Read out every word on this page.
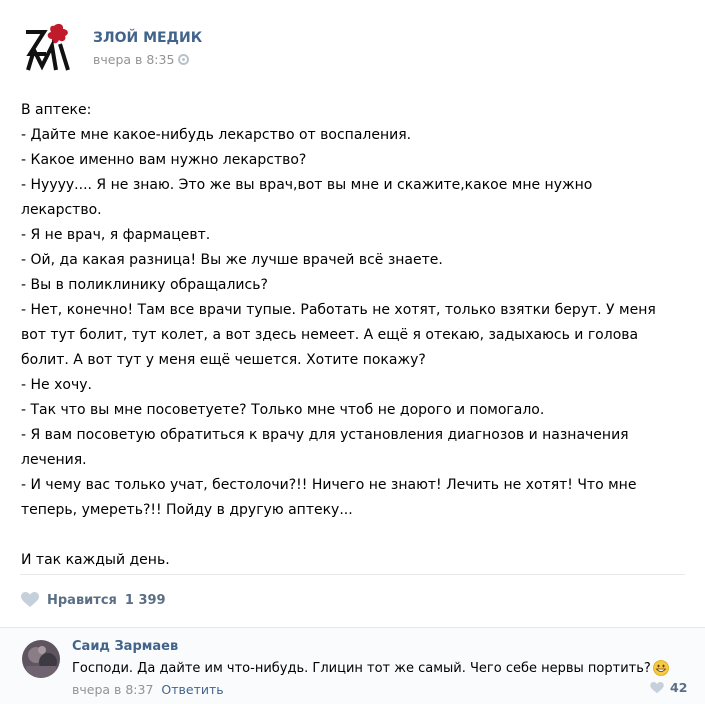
ЗЛОЙ МЕДИК
вчера в 8:35

В аптеке:

- Дайте мне какое-нибудь лекарство от воспаления.

- Какое именно вам нужно лекарство?

- Нуууу.... Я не знаю. Это же вы врач,вот вы мне и скажите,какое мне нужно

лекарство.

- Я не врач, я фармацевт.

- Ой, да какая разница! Вы же лучше врачей всё знаете.

- Вы в поликлинику обращались?

- Нет, конечно! Там все врачи тупые. Работать не хотят, только взятки берут. У меня

вот тут болит, тут колет, а вот здесь немеет. А ещё я отекаю, задыхаюсь и голова

болит. А вот тут у меня ещё чешется. Хотите покажу?

- Не хочу.

- Так что вы мне посоветуете? Только мне чтоб не дорого и помогало.

- Я вам посоветую обратиться к врачу для установления диагнозов и назначения

лечения.

- И чему вас только учат, бестолочи?!! Ничего не знают! Лечить не хотят! Что мне

теперь, умереть?!! Пойду в другую аптеку...

И так каждый день.

Нравится 1 399
Саид Зармаев
Господи. Да дайте им что-нибудь. Глицин тот же самый. Чего себе нервы портить?
вчера в 8:37 Ответить	42
